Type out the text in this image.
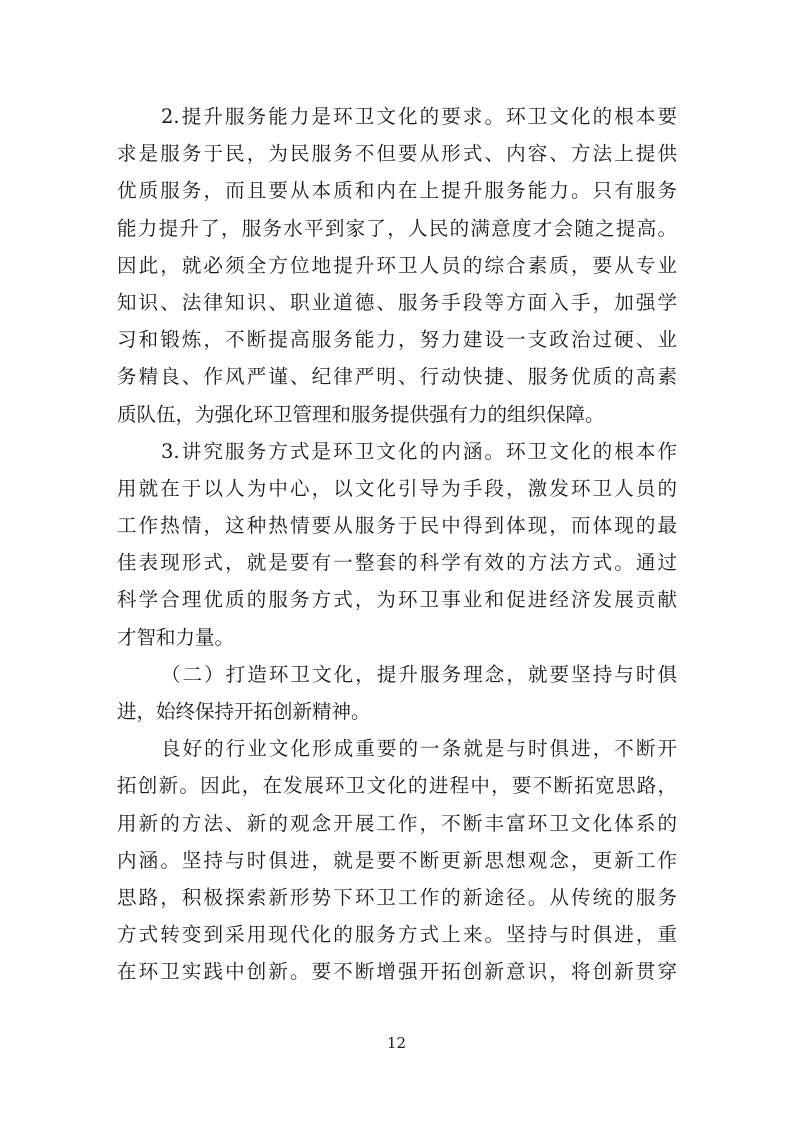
2.提升服务能力是环卫文化的要求。环卫文化的根本要
求是服务于民，为民服务不但要从形式、内容、方法上提供
优质服务，而且要从本质和内在上提升服务能力。只有服务
能力提升了，服务水平到家了，人民的满意度才会随之提高。
因此，就必须全方位地提升环卫人员的综合素质，要从专业
知识、法律知识、职业道德、服务手段等方面入手，加强学
习和锻炼，不断提高服务能力，努力建设一支政治过硬、业
务精良、作风严谨、纪律严明、行动快捷、服务优质的高素
质队伍，为强化环卫管理和服务提供强有力的组织保障。
3.讲究服务方式是环卫文化的内涵。环卫文化的根本作
用就在于以人为中心，以文化引导为手段，激发环卫人员的
工作热情，这种热情要从服务于民中得到体现，而体现的最
佳表现形式，就是要有一整套的科学有效的方法方式。通过
科学合理优质的服务方式，为环卫事业和促进经济发展贡献
才智和力量。
（二）打造环卫文化，提升服务理念，就要坚持与时俱
进，始终保持开拓创新精神。
良好的行业文化形成重要的一条就是与时俱进，不断开
拓创新。因此，在发展环卫文化的进程中，要不断拓宽思路，
用新的方法、新的观念开展工作，不断丰富环卫文化体系的
内涵。坚持与时俱进，就是要不断更新思想观念，更新工作
思路，积极探索新形势下环卫工作的新途径。从传统的服务
方式转变到采用现代化的服务方式上来。坚持与时俱进，重
在环卫实践中创新。要不断增强开拓创新意识，将创新贯穿
12
